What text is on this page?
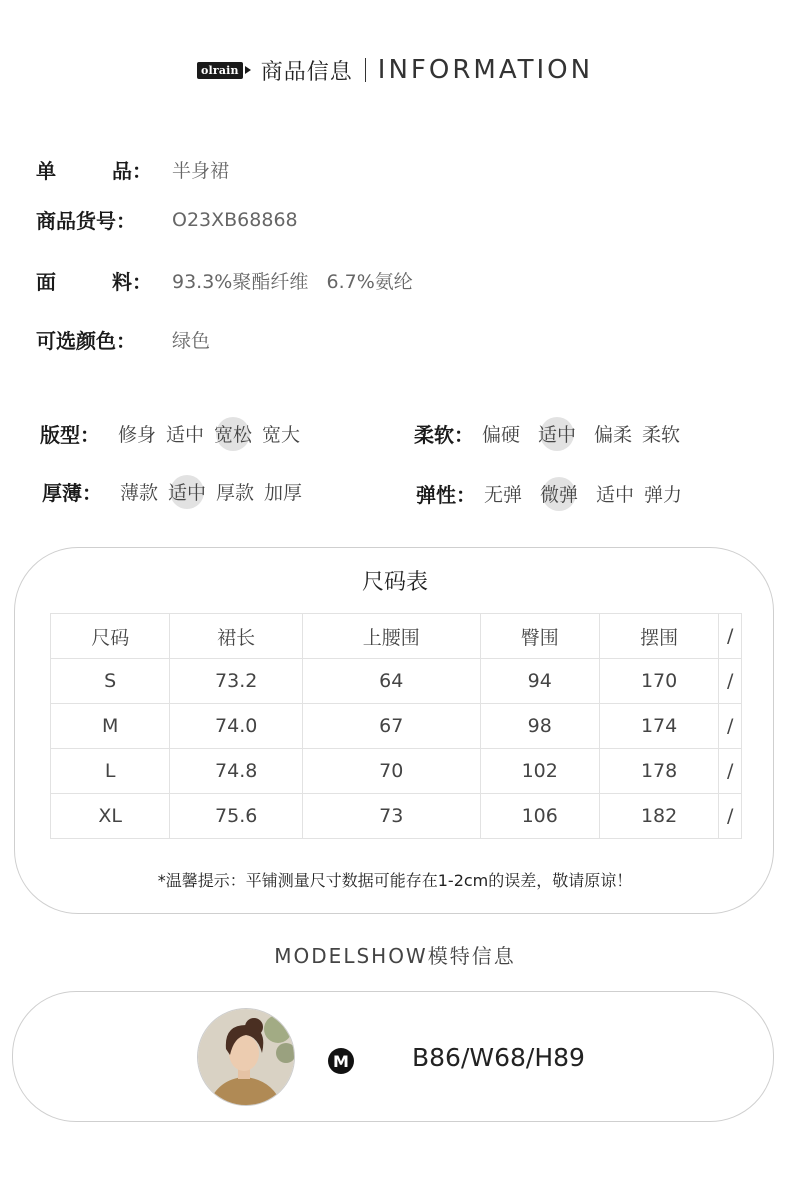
olrain 商品信息 INFORMATION
单	品： 半身裙
商品货号： O23XB68868
面	料： 93.3%聚酯纤维   6.7%氨纶
可选颜色： 绿色
版型： 修身 适中 宽松 宽大	柔软： 偏硬 适中 偏柔 柔软
厚薄： 薄款 适中 厚款 加厚	弹性： 无弹 微弹 适中 弹力
尺码表
尺码	裙长	上腰围	臀围	摆围	/
S	73.2	64	94	170	/
M	74.0	67	98	174	/
L	74.8	70	102	178	/
XL	75.6	73	106	182	/
*温馨提示：平铺测量尺寸数据可能存在1-2cm的误差，敬请原谅！
MODELSHOW模特信息
M	B86/W68/H89
